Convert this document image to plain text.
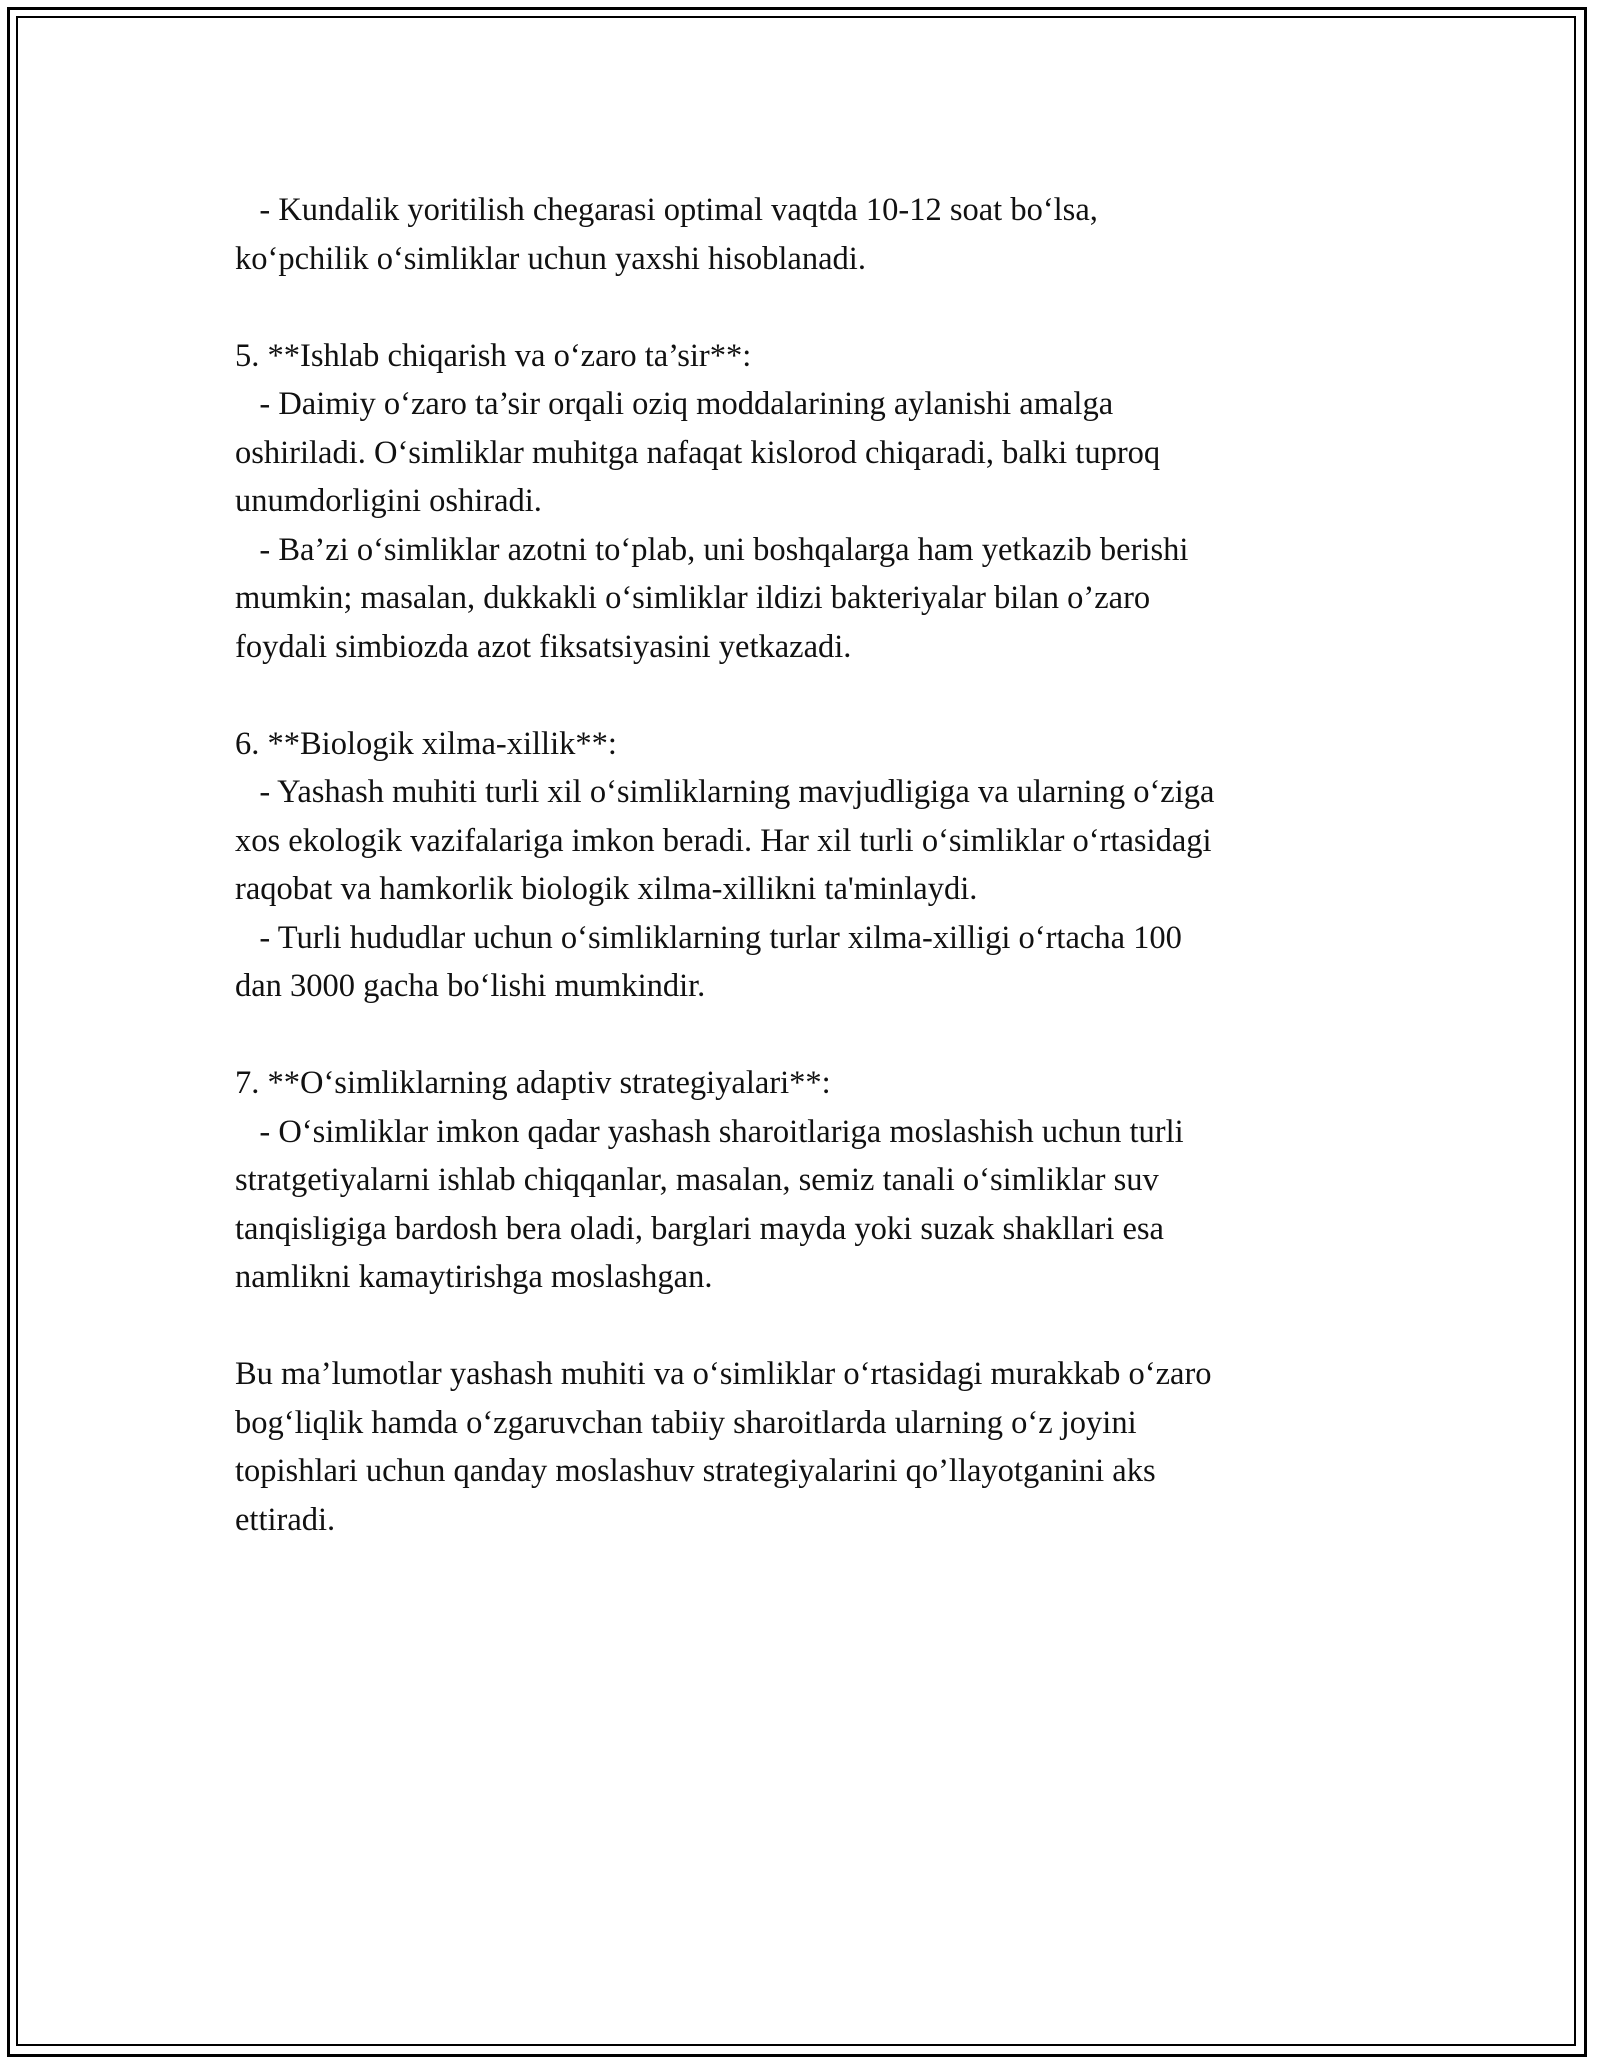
- Kundalik yoritilish chegarasi optimal vaqtda 10-12 soat bo‘lsa,
ko‘pchilik o‘simliklar uchun yaxshi hisoblanadi.
5. **Ishlab chiqarish va o‘zaro ta’sir**:
- Daimiy o‘zaro ta’sir orqali oziq moddalarining aylanishi amalga
oshiriladi. O‘simliklar muhitga nafaqat kislorod chiqaradi, balki tuproq
unumdorligini oshiradi.
- Ba’zi o‘simliklar azotni to‘plab, uni boshqalarga ham yetkazib berishi
mumkin; masalan, dukkakli o‘simliklar ildizi bakteriyalar bilan o’zaro
foydali simbiozda azot fiksatsiyasini yetkazadi.
6. **Biologik xilma-xillik**:
- Yashash muhiti turli xil o‘simliklarning mavjudligiga va ularning o‘ziga
xos ekologik vazifalariga imkon beradi. Har xil turli o‘simliklar o‘rtasidagi
raqobat va hamkorlik biologik xilma-xillikni ta'minlaydi.
- Turli hududlar uchun o‘simliklarning turlar xilma-xilligi o‘rtacha 100
dan 3000 gacha bo‘lishi mumkindir.
7. **O‘simliklarning adaptiv strategiyalari**:
- O‘simliklar imkon qadar yashash sharoitlariga moslashish uchun turli
stratgetiyalarni ishlab chiqqanlar, masalan, semiz tanali o‘simliklar suv
tanqisligiga bardosh bera oladi, barglari mayda yoki suzak shakllari esa
namlikni kamaytirishga moslashgan.
Bu ma’lumotlar yashash muhiti va o‘simliklar o‘rtasidagi murakkab o‘zaro
bog‘liqlik hamda o‘zgaruvchan tabiiy sharoitlarda ularning o‘z joyini
topishlari uchun qanday moslashuv strategiyalarini qo’llayotganini aks
ettiradi.
